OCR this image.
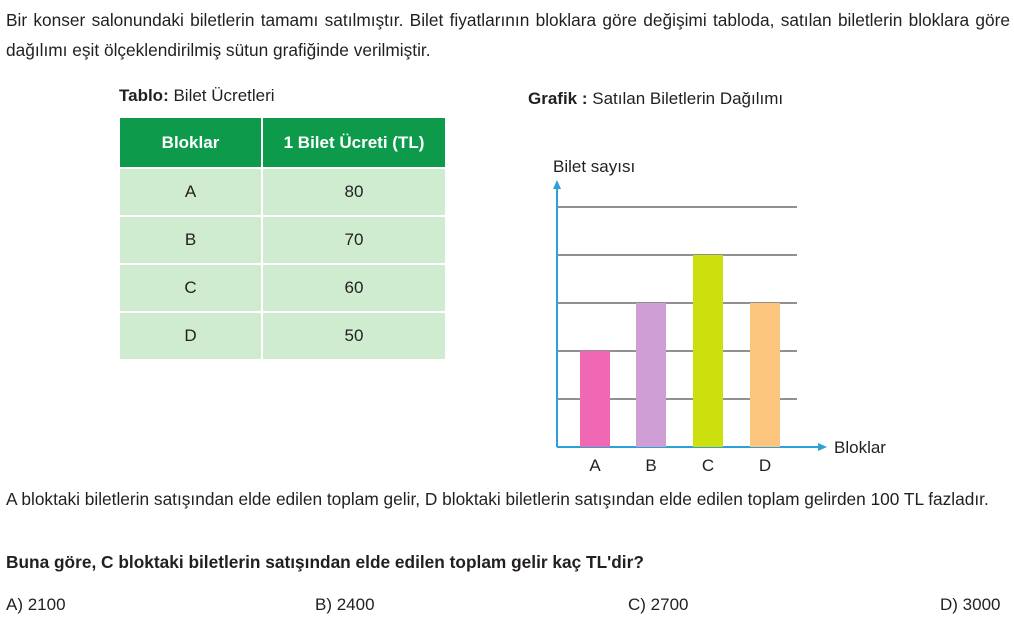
Bir konser salonundaki biletlerin tamamı satılmıştır. Bilet fiyatlarının bloklara göre değişimi tabloda, satılan biletlerin bloklara göre dağılımı eşit ölçeklendirilmiş sütun grafiğinde verilmiştir.

Tablo: Bilet Ücretleri
Bloklar	1 Bilet Ücreti (TL)
A	80
B	70
C	60
D	50
Grafik : Satılan Biletlerin Dağılımı
A	B	C	D
Bilet sayısı
Bloklar

A bloktaki biletlerin satışından elde edilen toplam gelir, D bloktaki biletlerin satışından elde edilen toplam gelirden 100 TL fazladır.

Buna göre, C bloktaki biletlerin satışından elde edilen toplam gelir kaç TL'dir?

A) 2100	B) 2400	C) 2700	D) 3000
